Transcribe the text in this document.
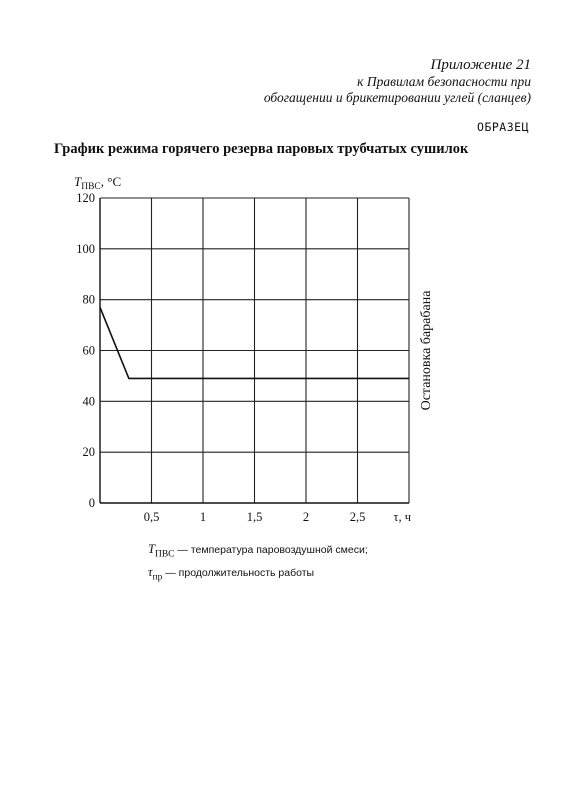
Приложение 21
к Правилам безопасности при
обогащении и брикетировании углей (сланцев)
ОБРАЗЕЦ
График режима горячего резерва паровых трубчатых сушилок
0
20
40
60
80
100
120
0,5	1	1,5	2	2,5 τ, ч
$T_{ПВС}$, °С
Остановка барабана
$T_{ПВС}$ — температура паровоздушной смеси;
$\tau_{пр}$ — продолжительность работы
